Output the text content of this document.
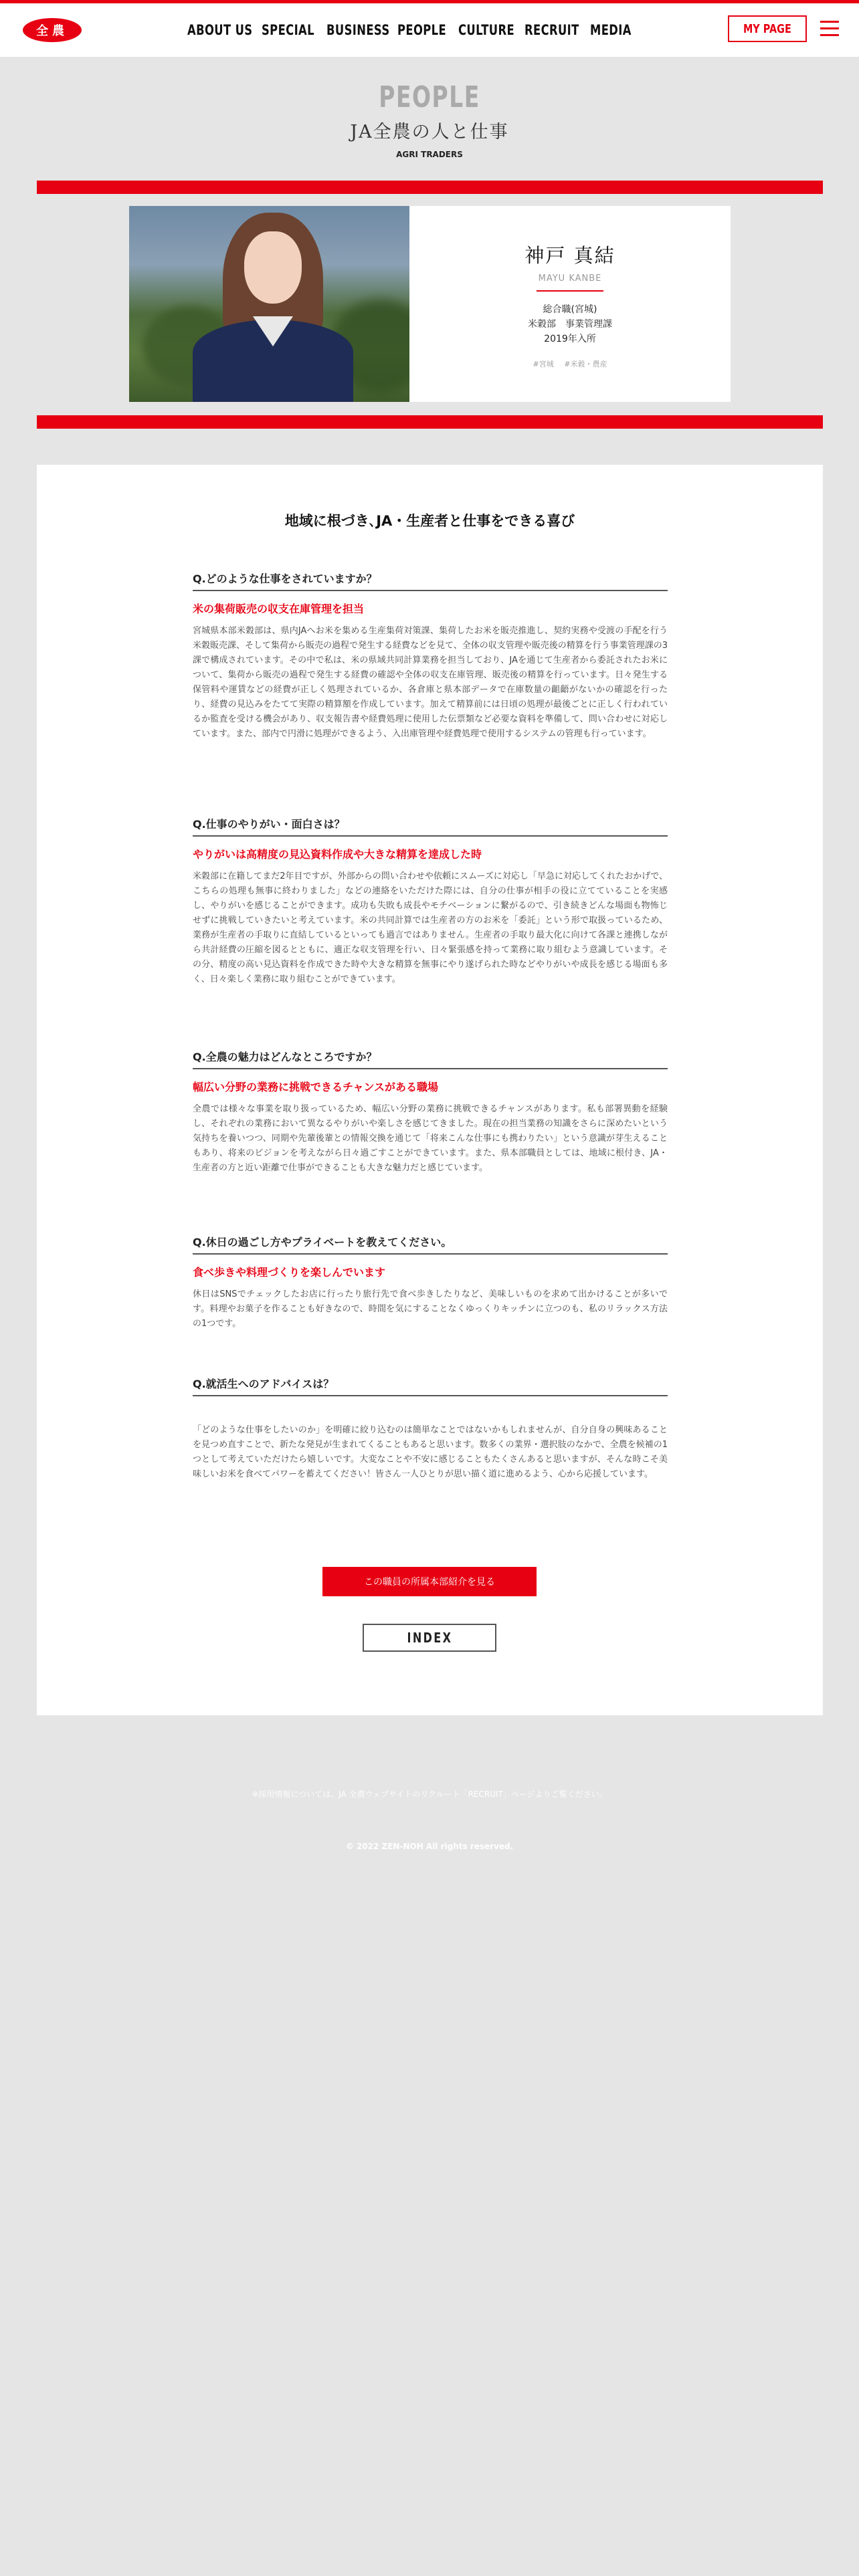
全農	ABOUT US SPECIAL BUSINESS PEOPLE CULTURE RECRUIT MEDIA	MY PAGE
PEOPLE
JA全農の人と仕事
AGRI TRADERS
神戸 真結
MAYU KANBE
総合職(宮城)
米穀部　事業管理課
2019年入所
#宮城 #米穀・農産
地域に根づき､JA・生産者と仕事をできる喜び
Q.どのような仕事をされていますか？
米の集荷販売の収支在庫管理を担当
宮城県本部米穀部は、県内JAへお米を集める生産集荷対策課、集荷したお米を販売推進し、契約実務や受渡の手配を行う米穀販売課、そして集荷から販売の過程で発生する経費などを見て、全体の収支管理や販売後の精算を行う事業管理課の3課で構成されています。その中で私は、米の県域共同計算業務を担当しており、JAを通じて生産者から委託されたお米について、集荷から販売の過程で発生する経費の確認や全体の収支在庫管理、販売後の精算を行っています。日々発生する保管料や運賃などの経費が正しく処理されているか、各倉庫と県本部データで在庫数量の齟齬がないかの確認を行ったり、経費の見込みをたてて実際の精算額を作成しています。加えて精算前には日頃の処理が最後ごとに正しく行われているか監査を受ける機会があり、収支報告書や経費処理に使用した伝票類など必要な資料を準備して、問い合わせに対応しています。また、部内で円滑に処理ができるよう、入出庫管理や経費処理で使用するシステムの管理も行っています。
Q.仕事のやりがい・面白さは？
やりがいは高精度の見込資料作成や大きな精算を達成した時
米穀部に在籍してまだ2年目ですが、外部からの問い合わせや依頼にスムーズに対応し「早急に対応してくれたおかげで、こちらの処理も無事に終わりました」などの連絡をいただけた際には、自分の仕事が相手の役に立てていることを実感し、やりがいを感じることができます。成功も失敗も成長やモチベーションに繋がるので、引き続きどんな場面も物怖じせずに挑戦していきたいと考えています。米の共同計算では生産者の方のお米を「委託」という形で取扱っているため、業務が生産者の手取りに直結しているといっても過言ではありません。生産者の手取り最大化に向けて各課と連携しながら共計経費の圧縮を図るとともに、適正な収支管理を行い、日々緊張感を持って業務に取り組むよう意識しています。その分、精度の高い見込資料を作成できた時や大きな精算を無事にやり遂げられた時などやりがいや成長を感じる場面も多く、日々楽しく業務に取り組むことができています。
Q.全農の魅力はどんなところですか？
幅広い分野の業務に挑戦できるチャンスがある職場
全農では様々な事業を取り扱っているため、幅広い分野の業務に挑戦できるチャンスがあります。私も部署異動を経験し、それぞれの業務において異なるやりがいや楽しさを感じてきました。現在の担当業務の知識をさらに深めたいという気持ちを養いつつ、同期や先輩後輩との情報交換を通じて「将来こんな仕事にも携わりたい」という意識が芽生えることもあり、将来のビジョンを考えながら日々過ごすことができています。また、県本部職員としては、地域に根付き、JA・生産者の方と近い距離で仕事ができることも大きな魅力だと感じています。
Q.休日の過ごし方やプライベートを教えてください。
食べ歩きや料理づくりを楽しんでいます
休日はSNSでチェックしたお店に行ったり旅行先で食べ歩きしたりなど、美味しいものを求めて出かけることが多いです。料理やお菓子を作ることも好きなので、時間を気にすることなくゆっくりキッチンに立つのも、私のリラックス方法の1つです。
Q.就活生へのアドバイスは？
「どのような仕事をしたいのか」を明確に絞り込むのは簡単なことではないかもしれませんが、自分自身の興味あることを見つめ直すことで、新たな発見が生まれてくることもあると思います。数多くの業界・選択肢のなかで、全農を候補の1つとして考えていただけたら嬉しいです。大変なことや不安に感じることもたくさんあると思いますが、そんな時こそ美味しいお米を食べてパワーを蓄えてください！皆さん一人ひとりが思い描く道に進めるよう、心から応援しています。
この職員の所属本部紹介を見る
INDEX
※採用情報については、JA 全農ウェブサイトのリクルート「RECRUIT」ページよりご覧ください。
© 2022 ZEN-NOH All rights reserved.
